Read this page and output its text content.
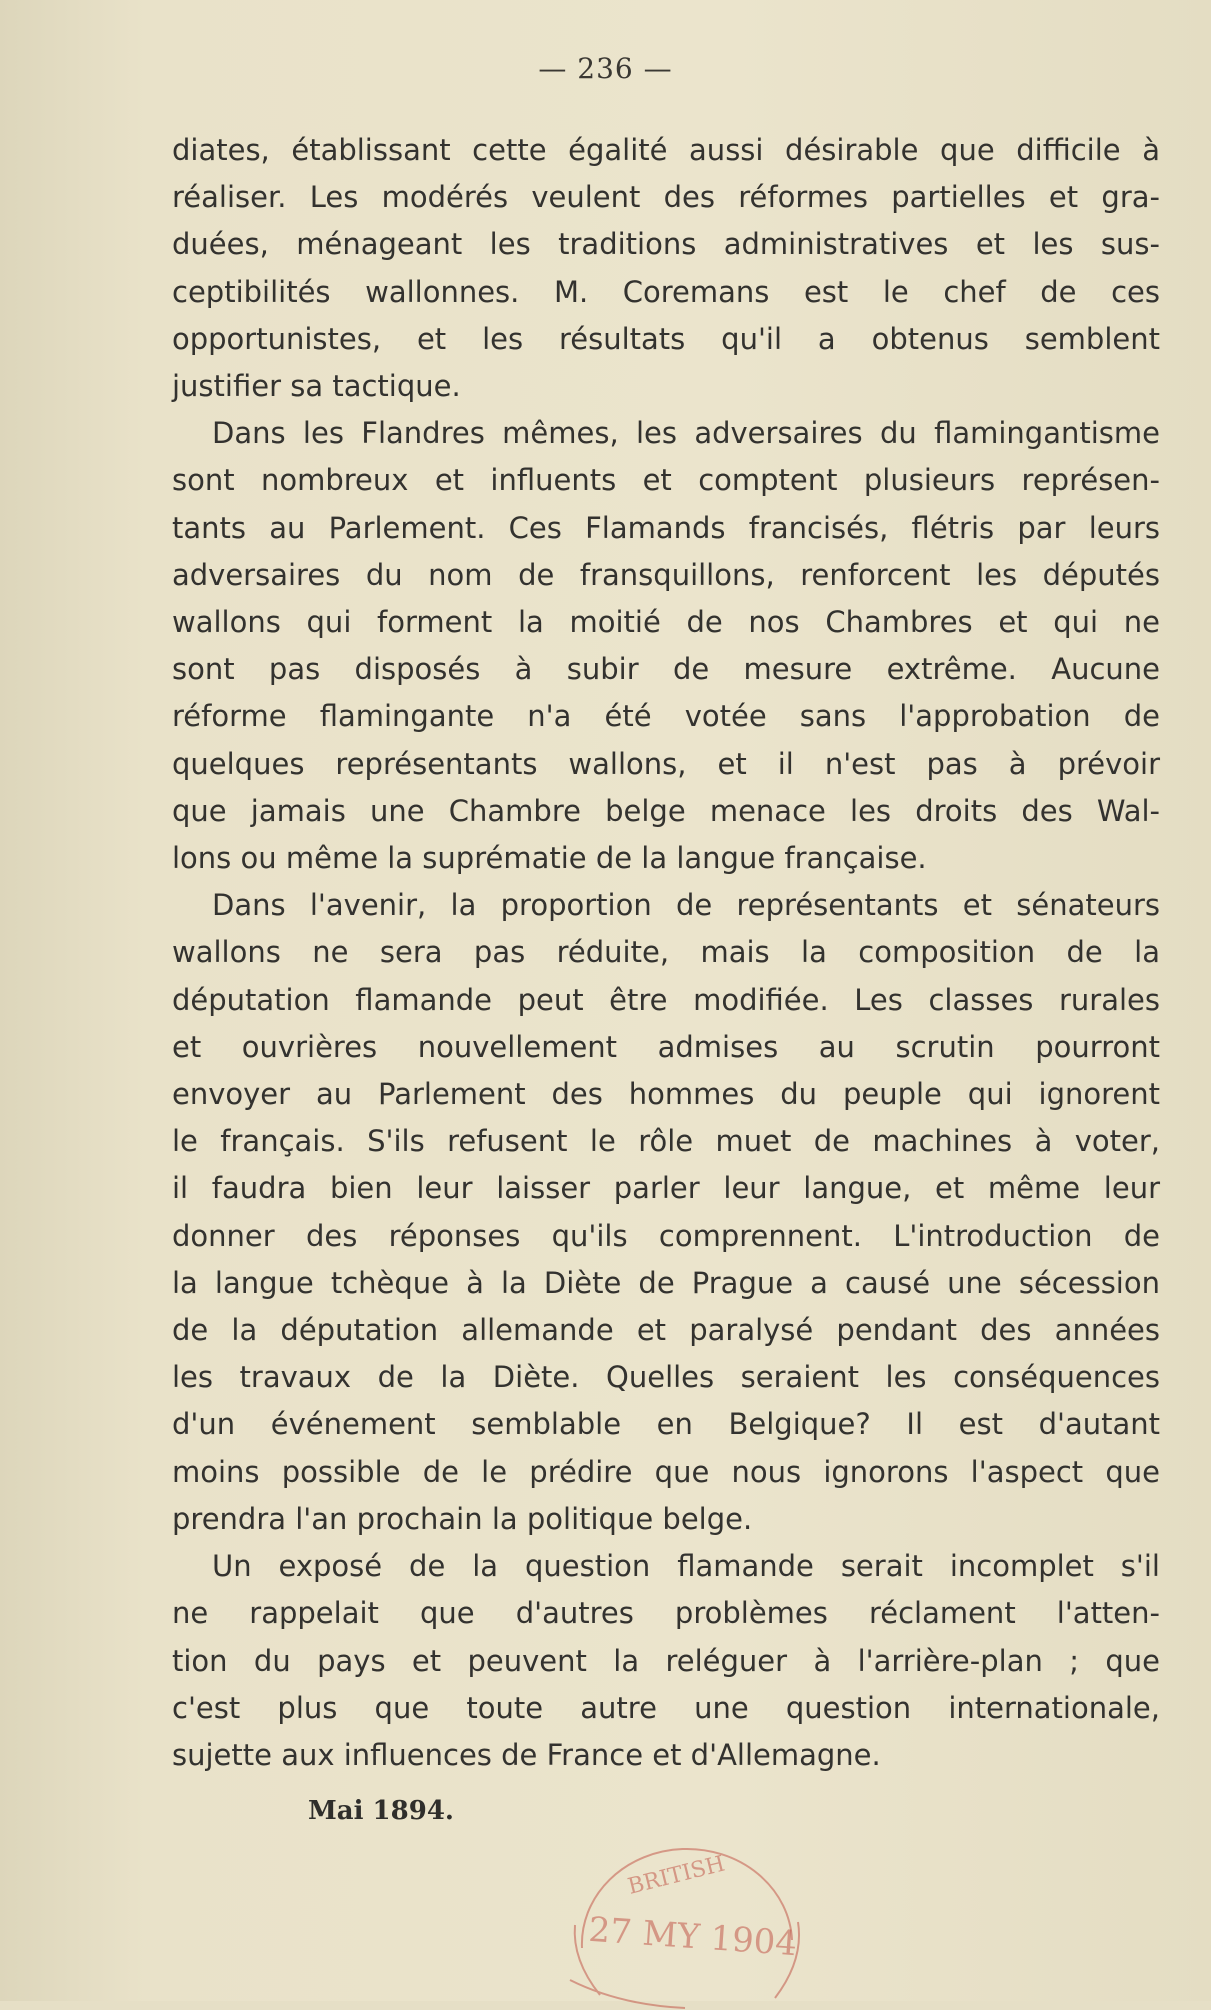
— 236 —
diates, établissant cette égalité aussi désirable que difficile à
réaliser. Les modérés veulent des réformes partielles et gra-
duées, ménageant les traditions administratives et les sus-
ceptibilités wallonnes. M. Coremans est le chef de ces
opportunistes, et les résultats qu'il a obtenus semblent
justifier sa tactique.
Dans les Flandres mêmes, les adversaires du flamingantisme
sont nombreux et influents et comptent plusieurs représen-
tants au Parlement. Ces Flamands francisés, flétris par leurs
adversaires du nom de fransquillons, renforcent les députés
wallons qui forment la moitié de nos Chambres et qui ne
sont pas disposés à subir de mesure extrême. Aucune
réforme flamingante n'a été votée sans l'approbation de
quelques représentants wallons, et il n'est pas à prévoir
que jamais une Chambre belge menace les droits des Wal-
lons ou même la suprématie de la langue française.
Dans l'avenir, la proportion de représentants et sénateurs
wallons ne sera pas réduite, mais la composition de la
députation flamande peut être modifiée. Les classes rurales
et ouvrières nouvellement admises au scrutin pourront
envoyer au Parlement des hommes du peuple qui ignorent
le français. S'ils refusent le rôle muet de machines à voter,
il faudra bien leur laisser parler leur langue, et même leur
donner des réponses qu'ils comprennent. L'introduction de
la langue tchèque à la Diète de Prague a causé une sécession
de la députation allemande et paralysé pendant des années
les travaux de la Diète. Quelles seraient les conséquences
d'un événement semblable en Belgique? Il est d'autant
moins possible de le prédire que nous ignorons l'aspect que
prendra l'an prochain la politique belge.
Un exposé de la question flamande serait incomplet s'il
ne rappelait que d'autres problèmes réclament l'atten-
tion du pays et peuvent la reléguer à l'arrière-plan ; que
c'est plus que toute autre une question internationale,
sujette aux influences de France et d'Allemagne.
Mai 1894.
BRITISH
27 MY 1904
